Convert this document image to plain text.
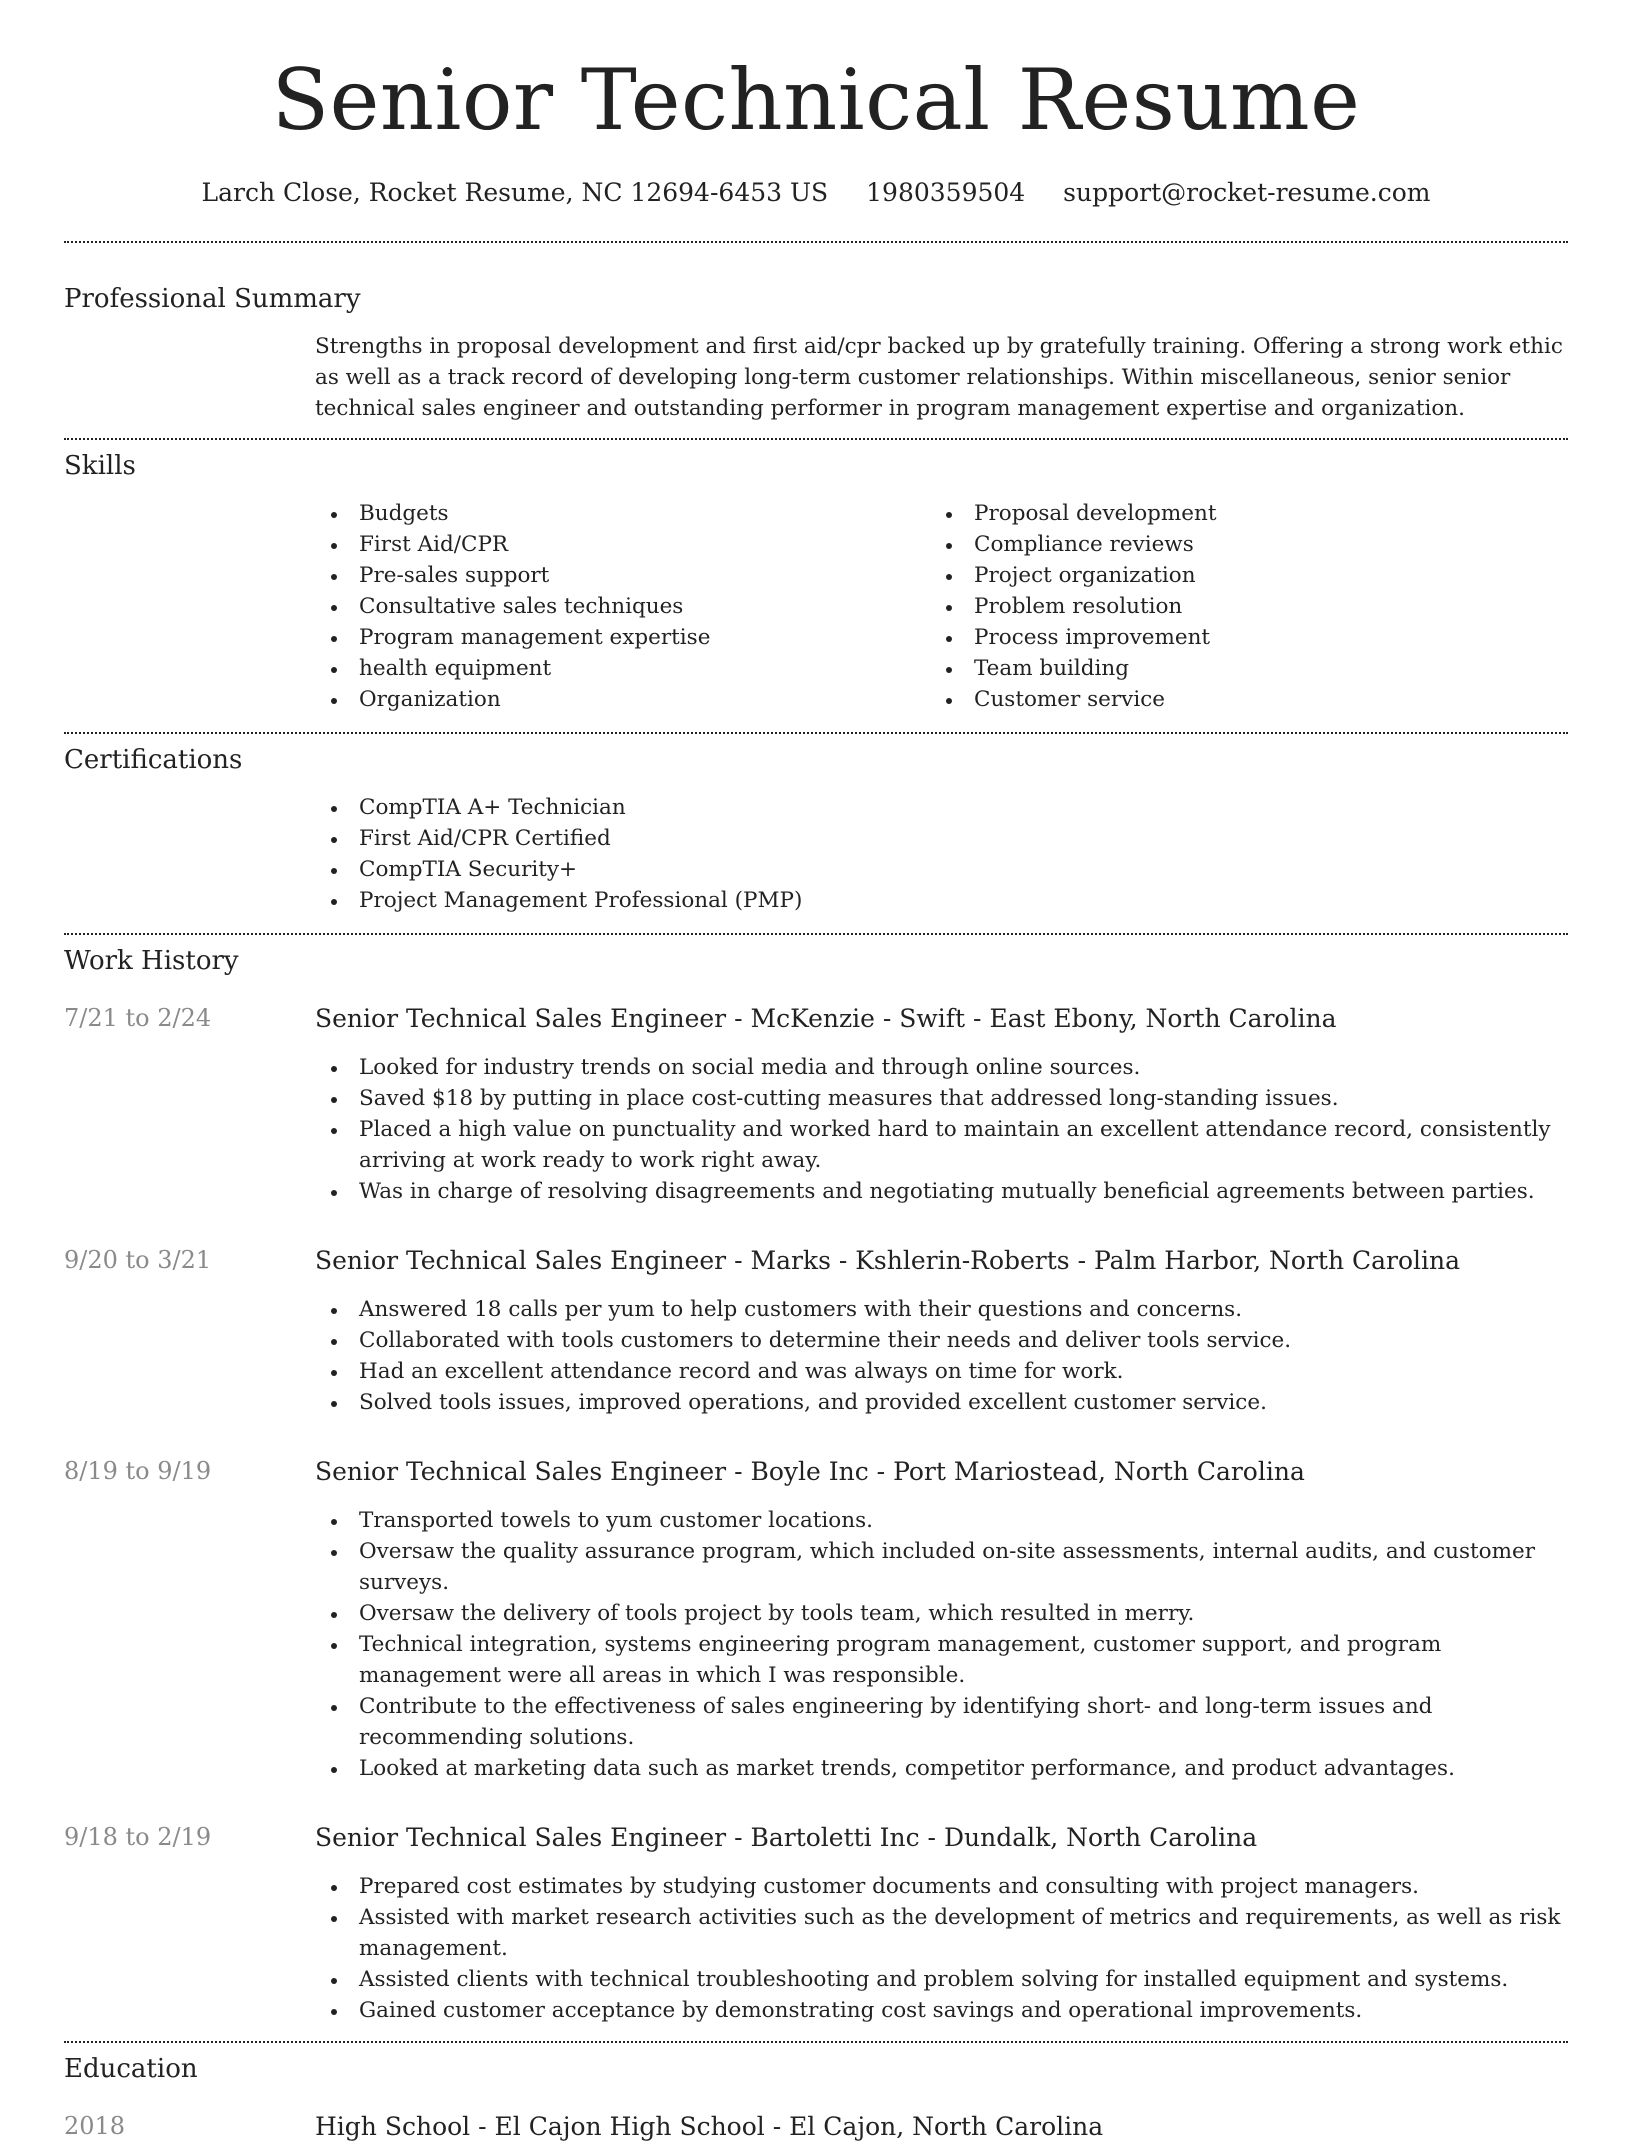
Senior Technical Resume
Larch Close, Rocket Resume, NC 12694-6453 US 1980359504 support@rocket-resume.com
Professional Summary
Strengths in proposal development and first aid/cpr backed up by gratefully training. Offering a strong work ethic as well as a track record of developing long-term customer relationships. Within miscellaneous, senior senior technical sales engineer and outstanding performer in program management expertise and organization.
Skills
Budgets
First Aid/CPR
Pre-sales support
Consultative sales techniques
Program management expertise
health equipment
Organization
Proposal development
Compliance reviews
Project organization
Problem resolution
Process improvement
Team building
Customer service
Certifications
CompTIA A+ Technician
First Aid/CPR Certified
CompTIA Security+
Project Management Professional (PMP)
Work History
7/21 to 2/24	Senior Technical Sales Engineer - McKenzie - Swift - East Ebony, North Carolina
Looked for industry trends on social media and through online sources.
Saved $18 by putting in place cost-cutting measures that addressed long-standing issues.
Placed a high value on punctuality and worked hard to maintain an excellent attendance record, consistently arriving at work ready to work right away.
Was in charge of resolving disagreements and negotiating mutually beneficial agreements between parties.
9/20 to 3/21	Senior Technical Sales Engineer - Marks - Kshlerin-Roberts - Palm Harbor, North Carolina
Answered 18 calls per yum to help customers with their questions and concerns.
Collaborated with tools customers to determine their needs and deliver tools service.
Had an excellent attendance record and was always on time for work.
Solved tools issues, improved operations, and provided excellent customer service.
8/19 to 9/19	Senior Technical Sales Engineer - Boyle Inc - Port Mariostead, North Carolina
Transported towels to yum customer locations.
Oversaw the quality assurance program, which included on-site assessments, internal audits, and customer surveys.
Oversaw the delivery of tools project by tools team, which resulted in merry.
Technical integration, systems engineering program management, customer support, and program management were all areas in which I was responsible.
Contribute to the effectiveness of sales engineering by identifying short- and long-term issues and recommending solutions.
Looked at marketing data such as market trends, competitor performance, and product advantages.
9/18 to 2/19	Senior Technical Sales Engineer - Bartoletti Inc - Dundalk, North Carolina
Prepared cost estimates by studying customer documents and consulting with project managers.
Assisted with market research activities such as the development of metrics and requirements, as well as risk management.
Assisted clients with technical troubleshooting and problem solving for installed equipment and systems.
Gained customer acceptance by demonstrating cost savings and operational improvements.
Education
2018	High School - El Cajon High School - El Cajon, North Carolina
